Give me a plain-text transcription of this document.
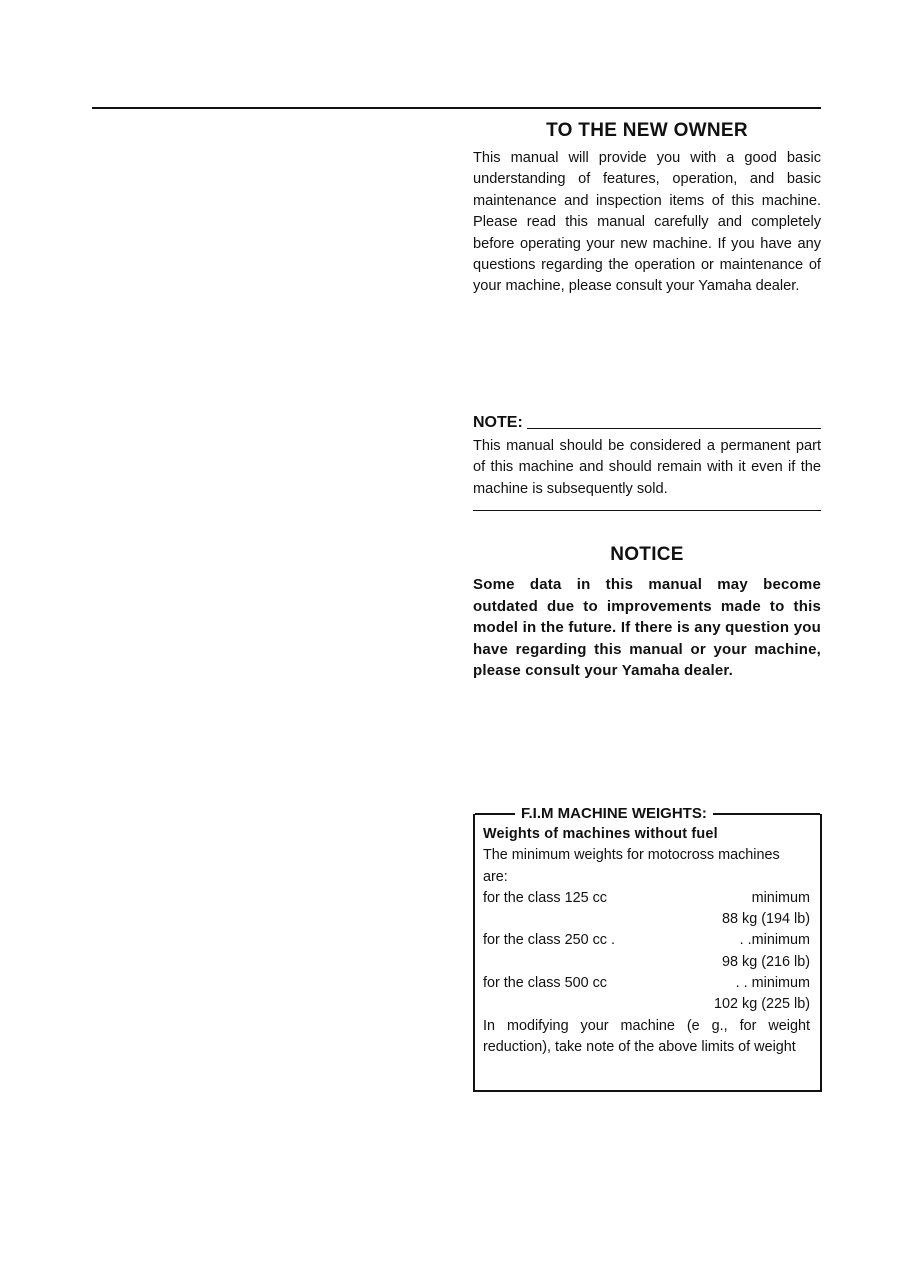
TO THE NEW OWNER

This manual will provide you with a good basic understanding of features, operation, and basic maintenance and inspection items of this machine. Please read this manual carefully and completely before operating your new machine. If you have any questions regarding the operation or maintenance of your machine, please consult your Yamaha dealer.

NOTE:

This manual should be considered a permanent part of this machine and should remain with it even if the machine is subsequently sold.

NOTICE

Some data in this manual may become outdated due to improvements made to this model in the future. If there is any question you have regarding this manual or your machine, please consult your Yamaha dealer.

F.I.M MACHINE WEIGHTS:
Weights of machines without fuel
The minimum weights for motocross machines
are:
for the class 125 cc	minimum
88 kg (194 lb)
for the class 250 cc .	. .minimum
98 kg (216 lb)
for the class 500 cc	. . minimum
102 kg (225 lb)
In modifying your machine (e g., for weight reduction), take note of the above limits of weight
